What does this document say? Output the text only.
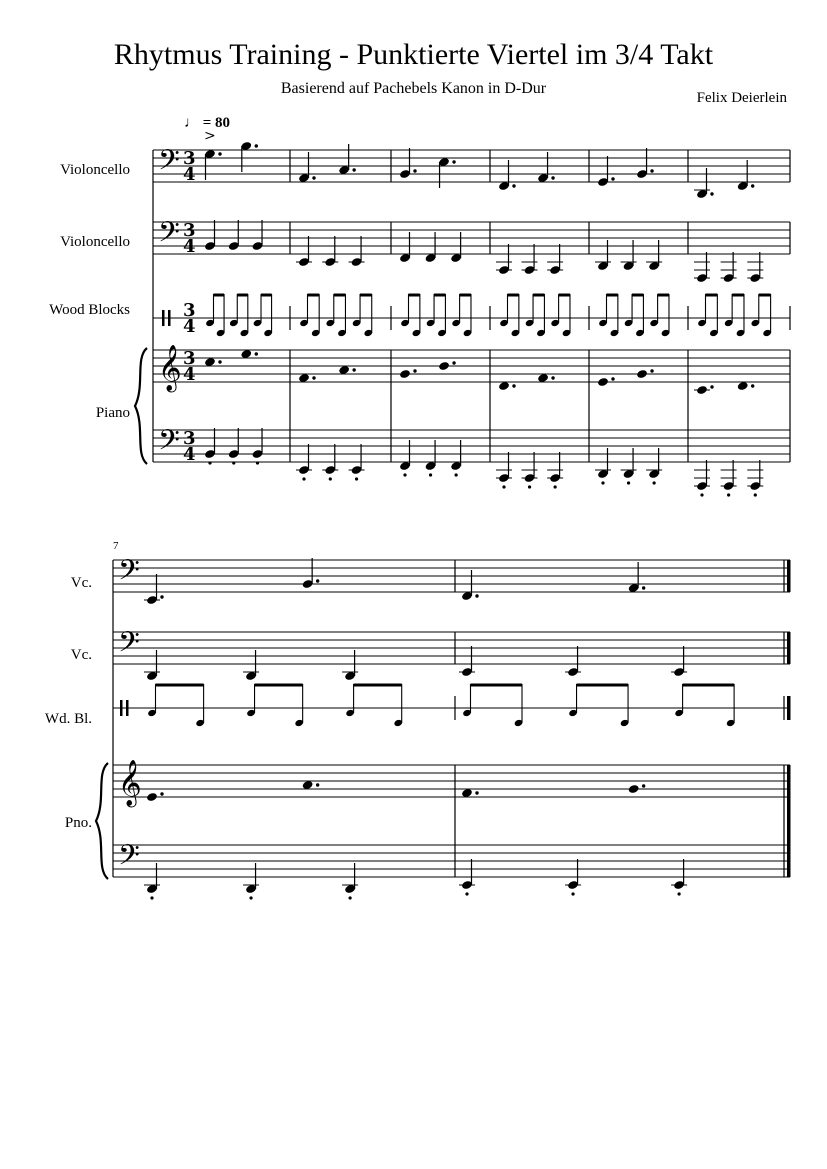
Rhytmus Training - Punktierte Viertel im 3/4 Takt
Basierend auf Pachebels Kanon in D-Dur
Felix Deierlein
♩ = 80
Violoncello
Violoncello
Wood Blocks
Piano
7
Vc.
Vc.
Wd. Bl.
Pno.
𝄢 3
4
𝄢 3
4
3
4
𝄞 3
4
𝄢 3
4
>
𝄢
𝄢
𝄞
𝄢
